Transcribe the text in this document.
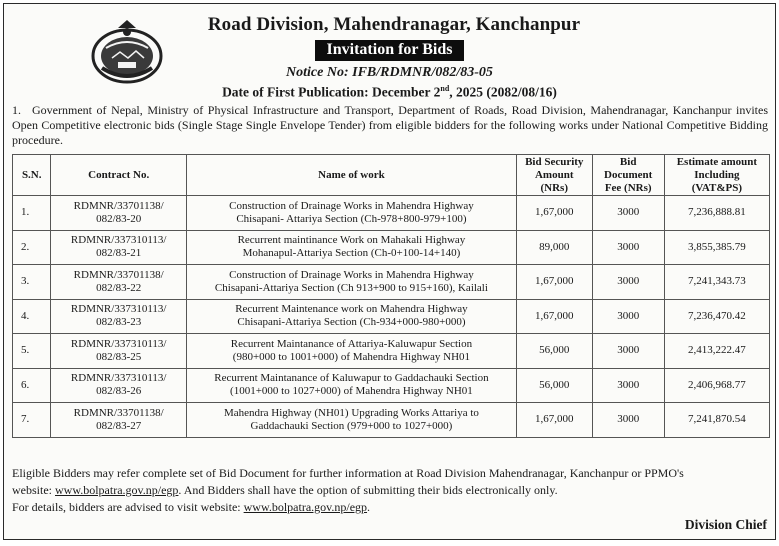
Road Division, Mahendranagar, Kanchanpur
Invitation for Bids
Notice No: IFB/RDMNR/082/83-05
Date of First Publication: December 2nd, 2025 (2082/08/16)
1. Government of Nepal, Ministry of Physical Infrastructure and Transport, Department of Roads, Road Division, Mahendranagar, Kanchanpur invites Open Competitive electronic bids (Single Stage Single Envelope Tender) from eligible bidders for the following works under National Competitive Bidding procedure.
S.N.	Contract No.	Name of work	Bid Security Amount (NRs)	Bid Document Fee (NRs)	Estimate amount Including (VAT&PS)
1.	RDMNR/33701138/
082/83-20	Construction of Drainage Works in Mahendra Highway
Chisapani- Attariya Section (Ch-978+800-979+100)	1,67,000	3000	7,236,888.81
2.	RDMNR/337310113/
082/83-21	Recurrent maintinance Work on Mahakali Highway
Mohanapul-Attariya Section (Ch-0+100-14+140)	89,000	3000	3,855,385.79
3.	RDMNR/33701138/
082/83-22	Construction of Drainage Works in Mahendra Highway
Chisapani-Attariya Section (Ch 913+900 to 915+160), Kailali	1,67,000	3000	7,241,343.73
4.	RDMNR/337310113/
082/83-23	Recurrent Maintenance work on Mahendra Highway
Chisapani-Attariya Section (Ch-934+000-980+000)	1,67,000	3000	7,236,470.42
5.	RDMNR/337310113/
082/83-25	Recurrent Maintanance of Attariya-Kaluwapur Section
(980+000 to 1001+000) of Mahendra Highway NH01	56,000	3000	2,413,222.47
6.	RDMNR/337310113/
082/83-26	Recurrent Maintanance of Kaluwapur to Gaddachauki Section
(1001+000 to 1027+000) of Mahendra Highway NH01	56,000	3000	2,406,968.77
7.	RDMNR/33701138/
082/83-27	Mahendra Highway (NH01) Upgrading Works Attariya to
Gaddachauki Section (979+000 to 1027+000)	1,67,000	3000	7,241,870.54
Eligible Bidders may refer complete set of Bid Document for further information at Road Division Mahendranagar, Kanchanpur or PPMO's
website: www.bolpatra.gov.np/egp. And Bidders shall have the option of submitting their bids electronically only.
For details, bidders are advised to visit website: www.bolpatra.gov.np/egp.
Division Chief
